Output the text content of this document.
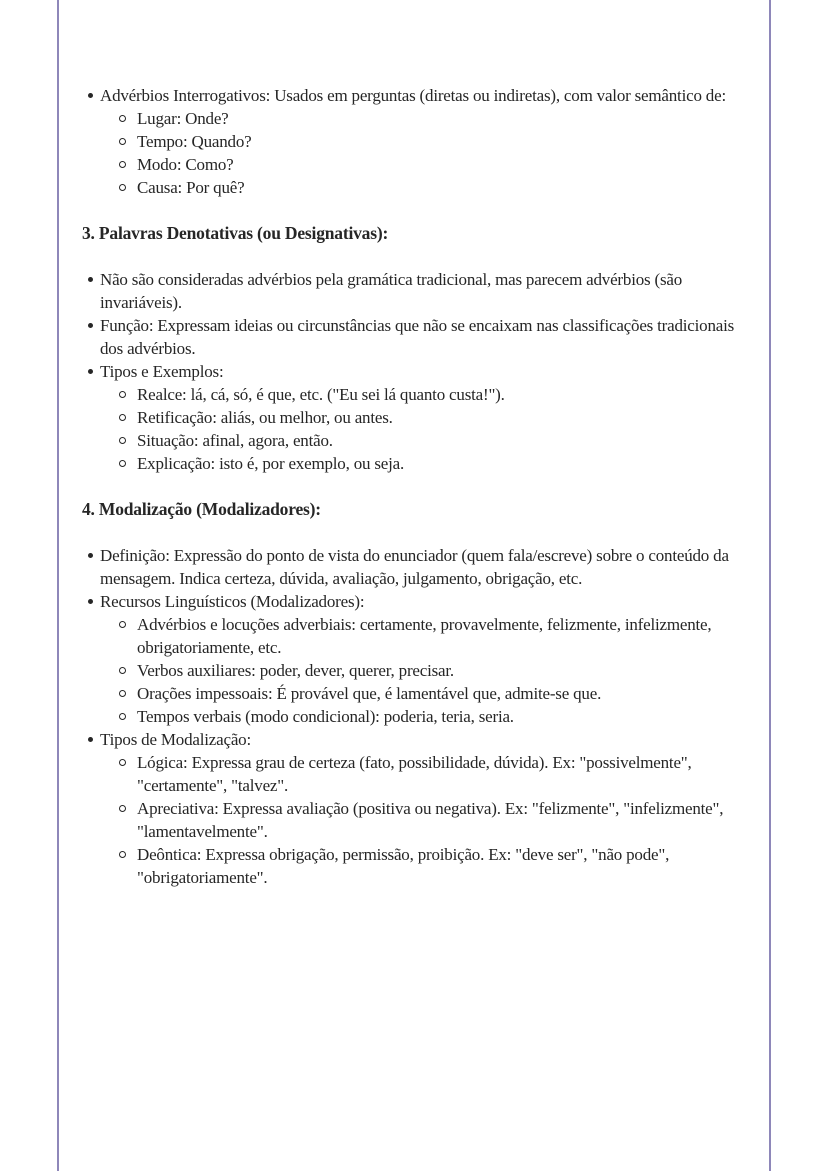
Advérbios Interrogativos: Usados em perguntas (diretas ou indiretas), com valor semântico de:
Lugar: Onde?
Tempo: Quando?
Modo: Como?
Causa: Por quê?
3. Palavras Denotativas (ou Designativas):
Não são consideradas advérbios pela gramática tradicional, mas parecem advérbios (são invariáveis).
Função: Expressam ideias ou circunstâncias que não se encaixam nas classificações tradicionais dos advérbios.
Tipos e Exemplos:
Realce: lá, cá, só, é que, etc. ("Eu sei lá quanto custa!").
Retificação: aliás, ou melhor, ou antes.
Situação: afinal, agora, então.
Explicação: isto é, por exemplo, ou seja.
4. Modalização (Modalizadores):
Definição: Expressão do ponto de vista do enunciador (quem fala/escreve) sobre o conteúdo da mensagem. Indica certeza, dúvida, avaliação, julgamento, obrigação, etc.
Recursos Linguísticos (Modalizadores):
Advérbios e locuções adverbiais: certamente, provavelmente, felizmente, infelizmente, obrigatoriamente, etc.
Verbos auxiliares: poder, dever, querer, precisar.
Orações impessoais: É provável que, é lamentável que, admite-se que.
Tempos verbais (modo condicional): poderia, teria, seria.
Tipos de Modalização:
Lógica: Expressa grau de certeza (fato, possibilidade, dúvida). Ex: "possivelmente", "certamente", "talvez".
Apreciativa: Expressa avaliação (positiva ou negativa). Ex: "felizmente", "infelizmente", "lamentavelmente".
Deôntica: Expressa obrigação, permissão, proibição. Ex: "deve ser", "não pode", "obrigatoriamente".
